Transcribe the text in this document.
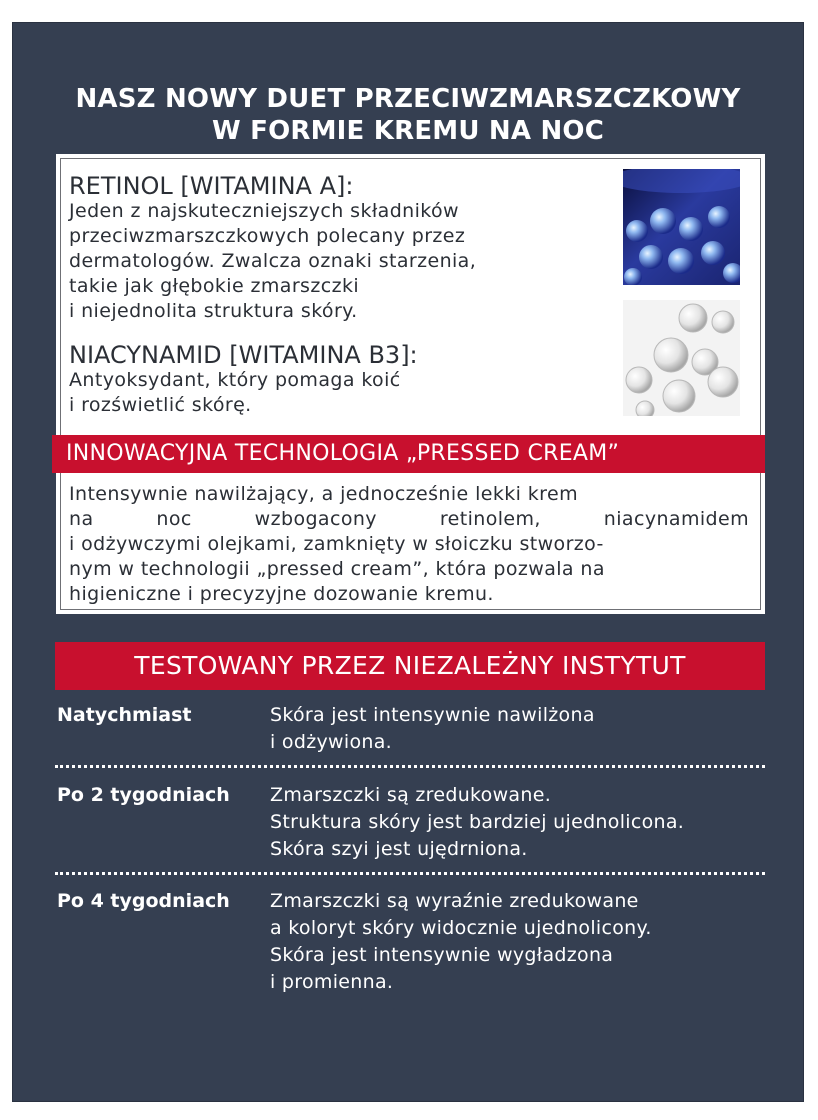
NASZ NOWY DUET PRZECIWZMARSZCZKOWY
W FORMIE KREMU NA NOC
RETINOL [WITAMINA A]:
Jeden z najskuteczniejszych składników
przeciwzmarszczkowych polecany przez
dermatologów. Zwalcza oznaki starzenia,
takie jak głębokie zmarszczki
i niejednolita struktura skóry.
NIACYNAMID [WITAMINA B3]:
Antyoksydant, który pomaga koić
i rozświetlić skórę.
INNOWACYJNA TECHNOLOGIA „PRESSED CREAM”
Intensywnie nawilżający, a jednocześnie lekki krem
na noc wzbogacony retinolem, niacynamidem
i odżywczymi olejkami, zamknięty w słoiczku stworzo-
nym w technologii „pressed cream”, która pozwala na
higieniczne i precyzyjne dozowanie kremu.
TESTOWANY PRZEZ NIEZALEŻNY INSTYTUT
Natychmiast	Skóra jest intensywnie nawilżona
i odżywiona.
Po 2 tygodniach Zmarszczki są zredukowane.
Struktura skóry jest bardziej ujednolicona.
Skóra szyi jest ujędrniona.
Po 4 tygodniach Zmarszczki są wyraźnie zredukowane
a koloryt skóry widocznie ujednolicony.
Skóra jest intensywnie wygładzona
i promienna.
